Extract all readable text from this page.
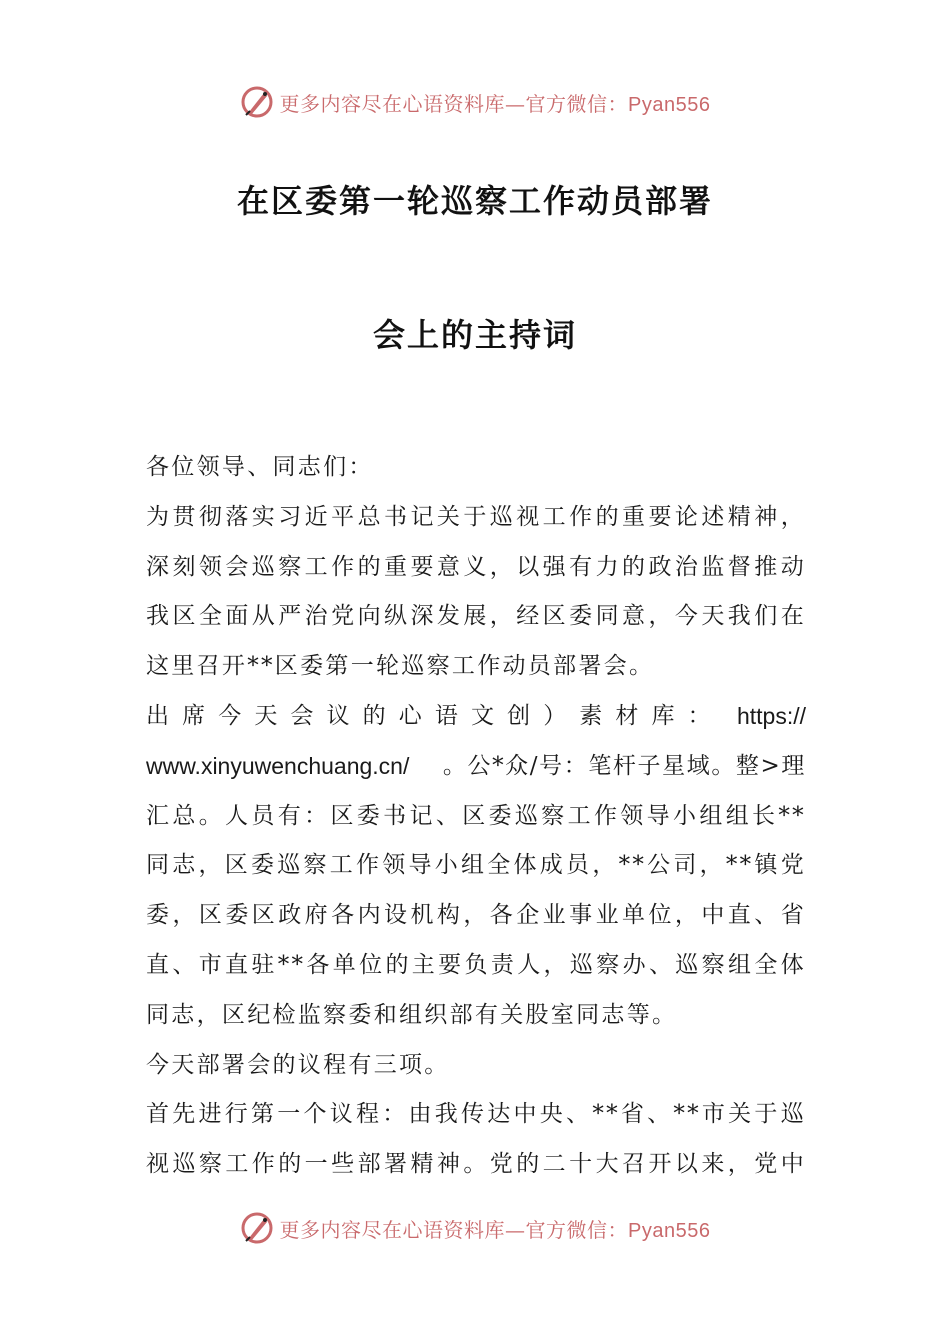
更多内容尽在心语资料库—官方微信：Pyan556
在区委第一轮巡察工作动员部署
会上的主持词
各位领导、同志们：
为贯彻落实习近平总书记关于巡视工作的重要论述精神，
深刻领会巡察工作的重要意义，以强有力的政治监督推动
我区全面从严治党向纵深发展，经区委同意，今天我们在
这里召开**区委第一轮巡察工作动员部署会。
出席今天会议的心语文创）素材库： https://
www.xinyuwenchuang.cn/ 。公*众/号：笔杆子星域。整>理
汇总。人员有：区委书记、区委巡察工作领导小组组长**
同志，区委巡察工作领导小组全体成员，**公司，**镇党
委，区委区政府各内设机构，各企业事业单位，中直、省
直、市直驻**各单位的主要负责人，巡察办、巡察组全体
同志，区纪检监察委和组织部有关股室同志等。
今天部署会的议程有三项。
首先进行第一个议程：由我传达中央、**省、**市关于巡
视巡察工作的一些部署精神。党的二十大召开以来，党中
更多内容尽在心语资料库—官方微信：Pyan556
